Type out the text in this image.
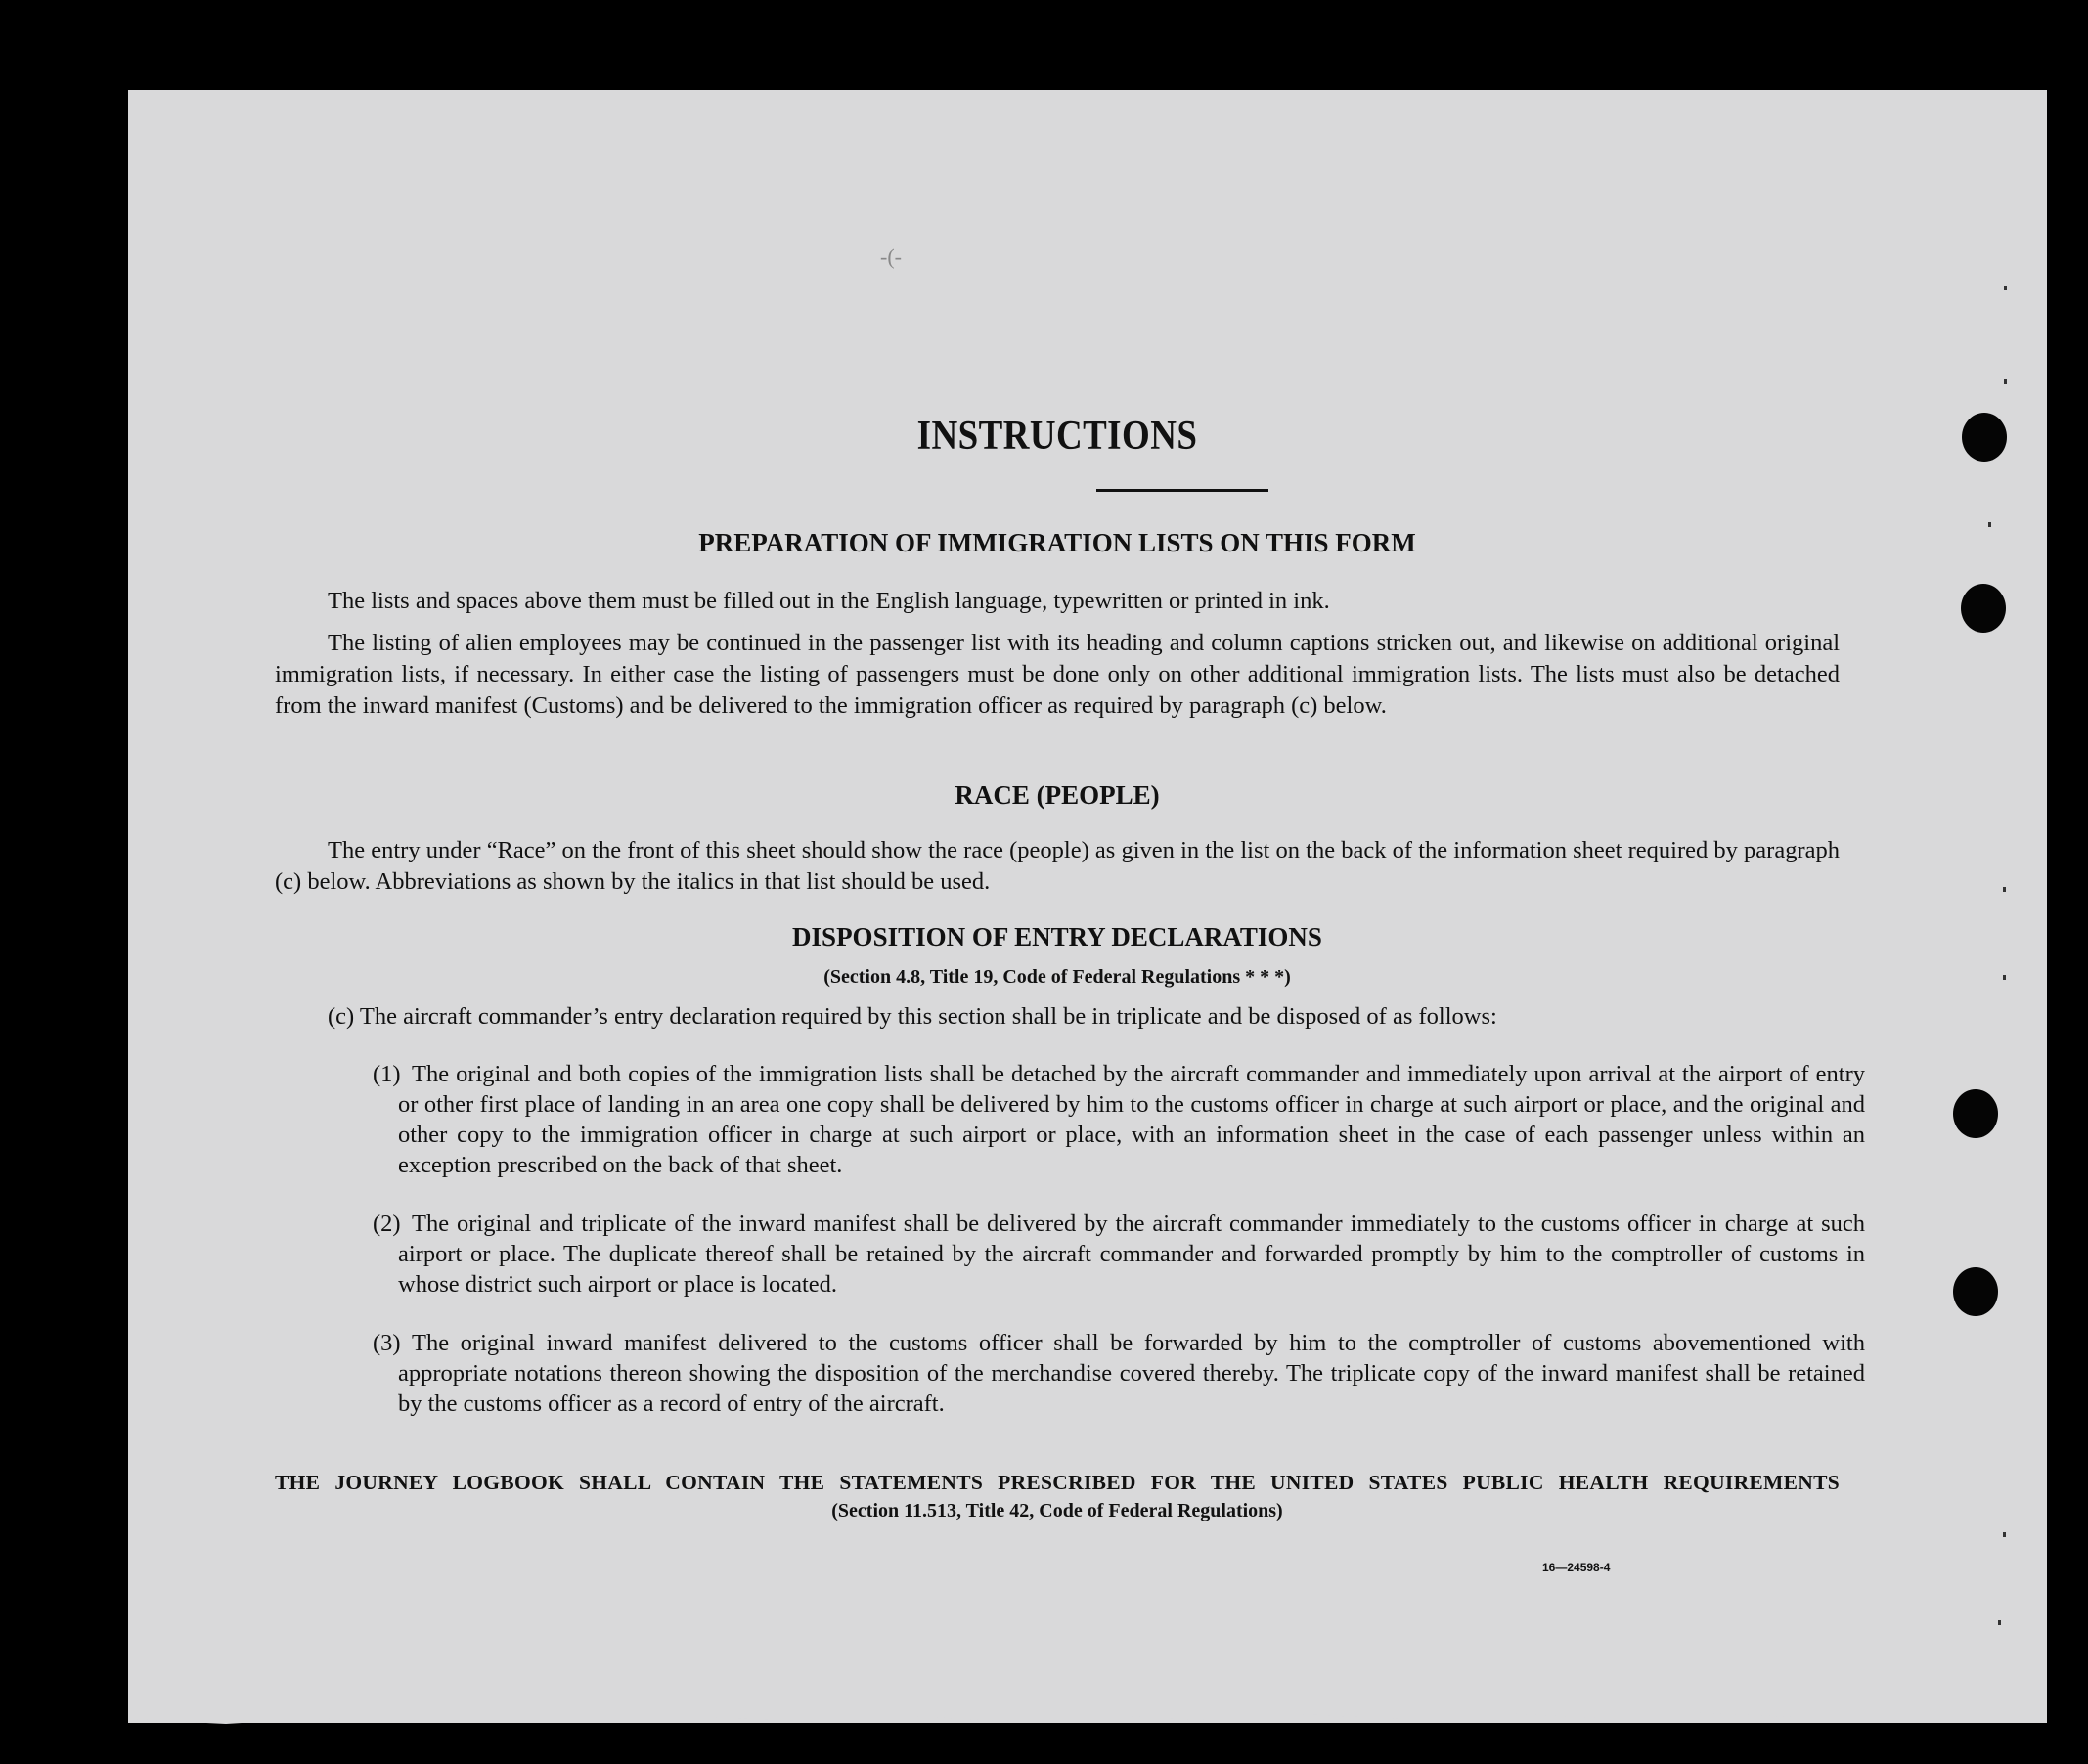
-(-
INSTRUCTIONS
PREPARATION OF IMMIGRATION LISTS ON THIS FORM

The lists and spaces above them must be filled out in the English language, typewritten or printed in ink.

The listing of alien employees may be continued in the passenger list with its heading and column captions stricken out, and likewise on additional original immigration lists, if necessary. In either case the listing of passengers must be done only on other additional immigration lists. The lists must also be detached from the inward manifest (Customs) and be delivered to the immigration officer as required by paragraph (c) below.

RACE (PEOPLE)

The entry under “Race” on the front of this sheet should show the race (people) as given in the list on the back of the information sheet required by paragraph (c) below. Abbreviations as shown by the italics in that list should be used.

DISPOSITION OF ENTRY DECLARATIONS
(Section 4.8, Title 19, Code of Federal Regulations * * *)

(c) The aircraft commander’s entry declaration required by this section shall be in triplicate and be disposed of as follows:

(1) The original and both copies of the immigration lists shall be detached by the aircraft commander and immediately upon arrival at the airport of entry or other first place of landing in an area one copy shall be delivered by him to the customs officer in charge at such airport or place, and the original and other copy to the immigration officer in charge at such airport or place, with an information sheet in the case of each passenger unless within an exception prescribed on the back of that sheet.

(2) The original and triplicate of the inward manifest shall be delivered by the aircraft commander immediately to the customs officer in charge at such airport or place. The duplicate thereof shall be retained by the aircraft commander and forwarded promptly by him to the comptroller of customs in whose district such airport or place is located.

(3) The original inward manifest delivered to the customs officer shall be forwarded by him to the comptroller of customs abovementioned with appropriate notations thereon showing the disposition of the merchandise covered thereby. The triplicate copy of the inward manifest shall be retained by the customs officer as a record of entry of the aircraft.

THE JOURNEY LOGBOOK SHALL CONTAIN THE STATEMENTS PRESCRIBED FOR THE UNITED STATES PUBLIC HEALTH REQUIREMENTS

(Section 11.513, Title 42, Code of Federal Regulations)
16—24598-4
